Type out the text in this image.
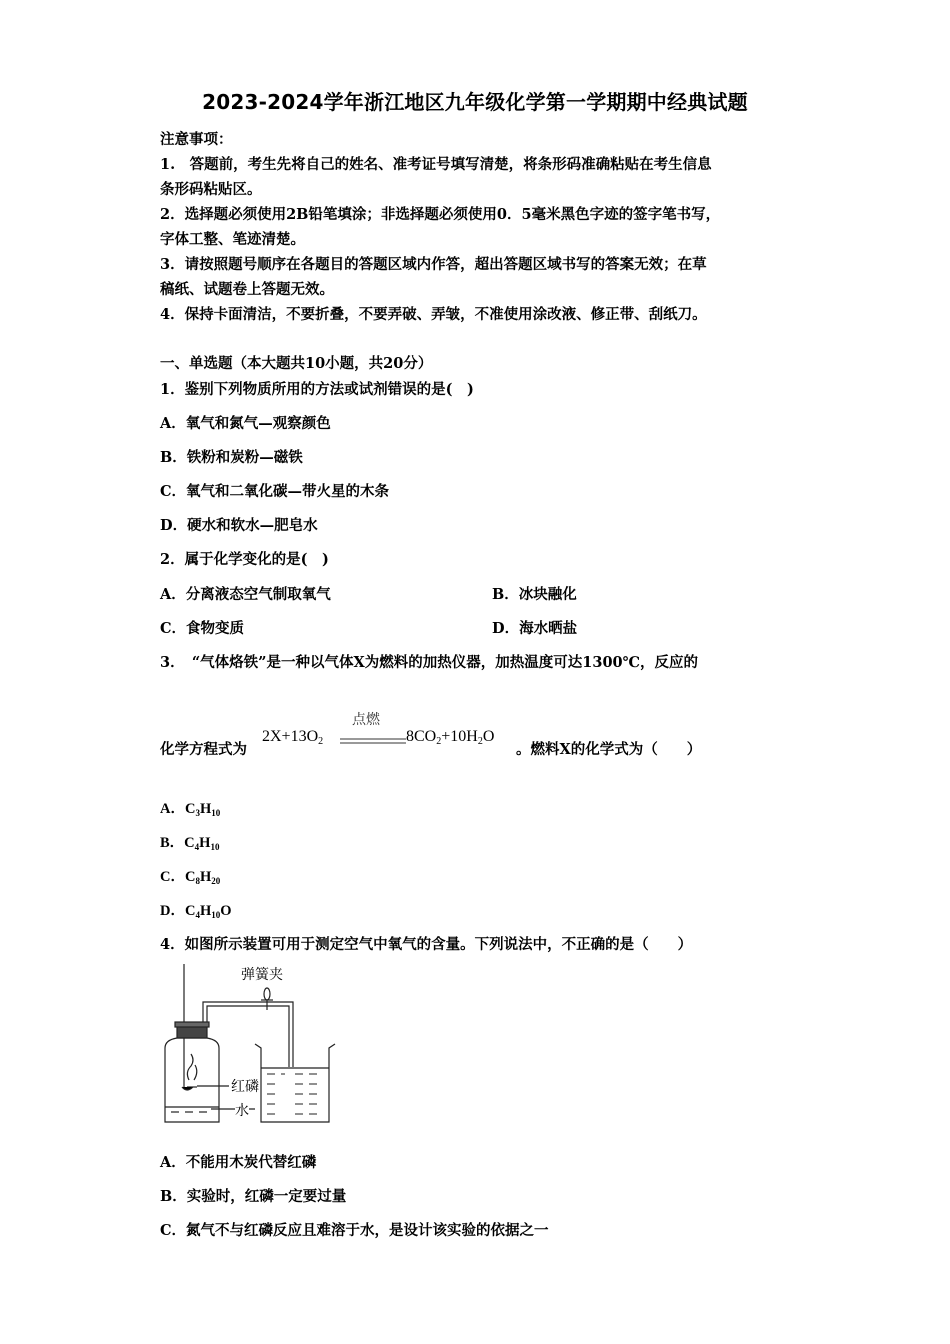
2023-2024学年浙江地区九年级化学第一学期期中经典试题
注意事项：
1.　答题前，考生先将自己的姓名、准考证号填写清楚，将条形码准确粘贴在考生信息
条形码粘贴区。
2．选择题必须使用2B铅笔填涂；非选择题必须使用0．5毫米黑色字迹的签字笔书写，
字体工整、笔迹清楚。
3．请按照题号顺序在各题目的答题区域内作答，超出答题区域书写的答案无效；在草
稿纸、试题卷上答题无效。
4．保持卡面清洁，不要折叠，不要弄破、弄皱，不准使用涂改液、修正带、刮纸刀。
一、单选题（本大题共10小题，共20分）
1．鉴别下列物质所用的方法或试剂错误的是(　)
A．氧气和氮气—观察颜色
B．铁粉和炭粉—磁铁
C．氧气和二氧化碳—带火星的木条
D．硬水和软水—肥皂水
2．属于化学变化的是(　)
A．分离液态空气制取氧气	B．冰块融化
C．食物变质	D．海水晒盐
3．　“气体烙铁”是一种以气体X为燃料的加热仪器，加热温度可达1300℃，反应的
化学方程式为
$2X+13O_2$
点燃
$8CO_2+10H_2O$
。燃料X的化学式为（　　）
A．$C_3H_{10}$
B．$C_4H_{10}$
C．$C_8H_{20}$
D．$C_4H_{10}O$
4．如图所示装置可用于测定空气中氧气的含量。下列说法中，不正确的是（　　）
弹簧夹
红磷
水
A．不能用木炭代替红磷
B．实验时，红磷一定要过量
C．氮气不与红磷反应且难溶于水，是设计该实验的依据之一
